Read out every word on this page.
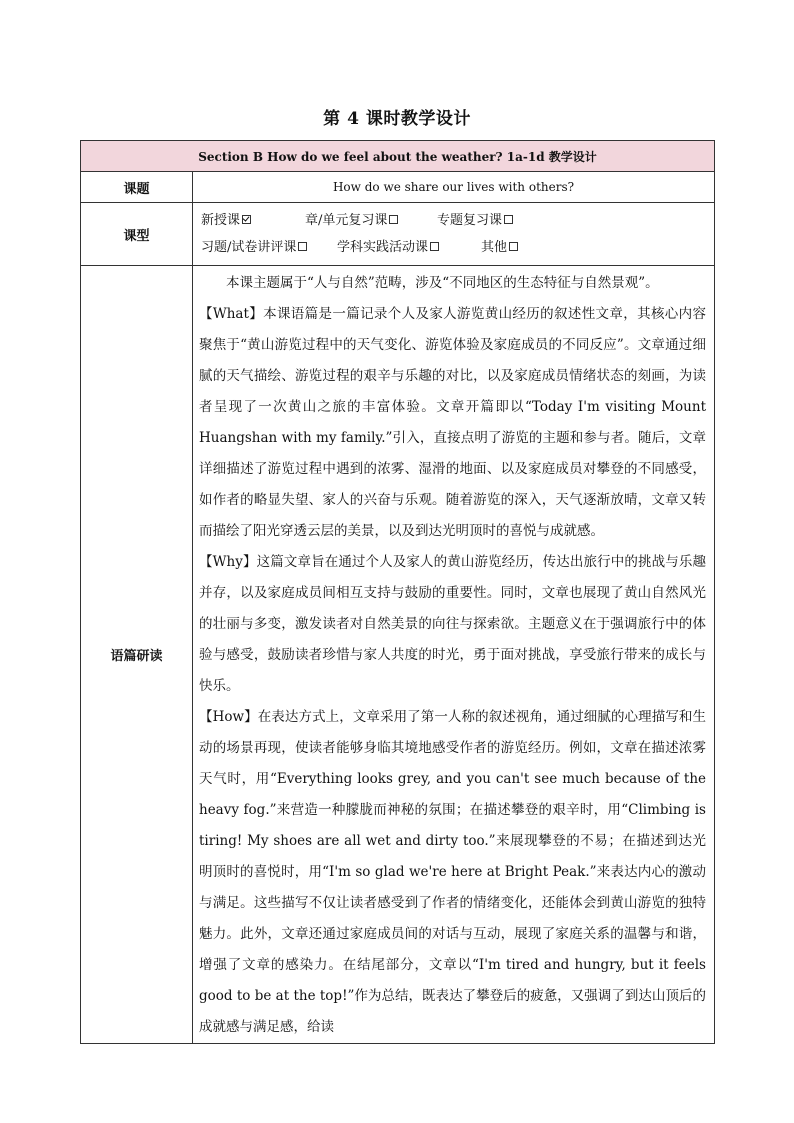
第 4 课时教学设计
Section B How do we feel about the weather? 1a-1d 教学设计	
课题	How do we share our lives with others?
课型	新授课 章/单元复习课 专题复习课
习题/试卷讲评课 学科实践活动课 其他

语篇研读	本课主题属于“人与自然”范畴，涉及“不同地区的生态特征与自然景观”。

【What】本课语篇是一篇记录个人及家人游览黄山经历的叙述性文章，其核心内容聚焦于“黄山游览过程中的天气变化、游览体验及家庭成员的不同反应”。文章通过细腻的天气描绘、游览过程的艰辛与乐趣的对比，以及家庭成员情绪状态的刻画，为读者呈现了一次黄山之旅的丰富体验。文章开篇即以“Today I'm visiting Mount Huangshan with my family.”引入，直接点明了游览的主题和参与者。随后，文章详细描述了游览过程中遇到的浓雾、湿滑的地面、以及家庭成员对攀登的不同感受，如作者的略显失望、家人的兴奋与乐观。随着游览的深入，天气逐渐放晴，文章又转而描绘了阳光穿透云层的美景，以及到达光明顶时的喜悦与成就感。

【Why】这篇文章旨在通过个人及家人的黄山游览经历，传达出旅行中的挑战与乐趣并存，以及家庭成员间相互支持与鼓励的重要性。同时，文章也展现了黄山自然风光的壮丽与多变，激发读者对自然美景的向往与探索欲。主题意义在于强调旅行中的体验与感受，鼓励读者珍惜与家人共度的时光，勇于面对挑战，享受旅行带来的成长与快乐。

【How】在表达方式上，文章采用了第一人称的叙述视角，通过细腻的心理描写和生动的场景再现，使读者能够身临其境地感受作者的游览经历。例如，文章在描述浓雾天气时，用“Everything looks grey, and you can't see much because of the heavy fog.”来营造一种朦胧而神秘的氛围；在描述攀登的艰辛时，用“Climbing is tiring! My shoes are all wet and dirty too.”来展现攀登的不易；在描述到达光明顶时的喜悦时，用“I'm so glad we're here at Bright Peak.”来表达内心的激动与满足。这些描写不仅让读者感受到了作者的情绪变化，还能体会到黄山游览的独特魅力。此外，文章还通过家庭成员间的对话与互动，展现了家庭关系的温馨与和谐，增强了文章的感染力。在结尾部分，文章以“I'm tired and hungry, but it feels good to be at the top!”作为总结，既表达了攀登后的疲惫，又强调了到达山顶后的成就感与满足感，给读
